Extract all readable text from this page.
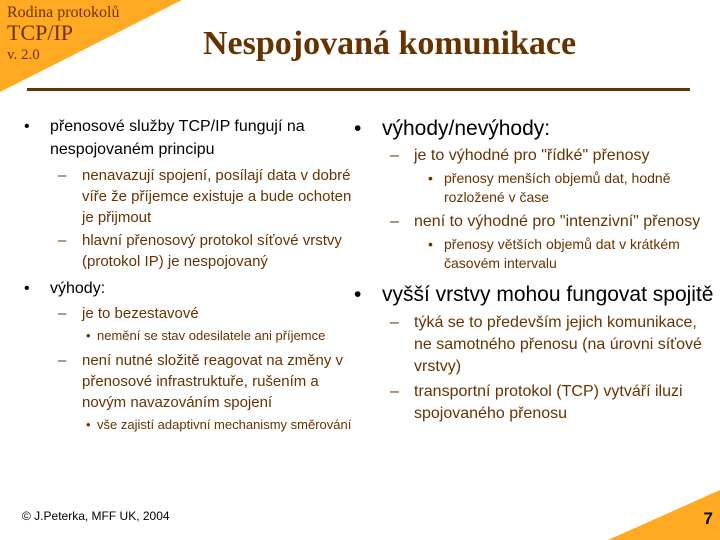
Rodina protokolů
TCP/IP
v. 2.0	Nespojovaná komunikace
• přenosové služby TCP/IP fungují na nespojovaném principu
– nenavazují spojení, posílají data v dobré víře že příjemce existuje a bude ochoten je přijmout
– hlavní přenosový protokol síťové vrstvy (protokol IP) je nespojovaný
• výhody:
– je to bezestavové
• nemění se stav odesilatele ani příjemce
– není nutné složitě reagovat na změny v přenosové infrastruktuře, rušením a novým navazováním spojení
• vše zajistí adaptivní mechanismy směrování
• výhody/nevýhody:
– je to výhodné pro "řídké" přenosy
• přenosy menších objemů dat, hodně rozložené v čase
– není to výhodné pro "intenzivní" přenosy
• přenosy větších objemů dat v krátkém časovém intervalu
• vyšší vrstvy mohou fungovat spojitě
– týká se to především jejich komunikace, ne samotného přenosu (na úrovni síťové vrstvy)
– transportní protokol (TCP) vytváří iluzi spojovaného přenosu
© J.Peterka, MFF UK, 2004	7
